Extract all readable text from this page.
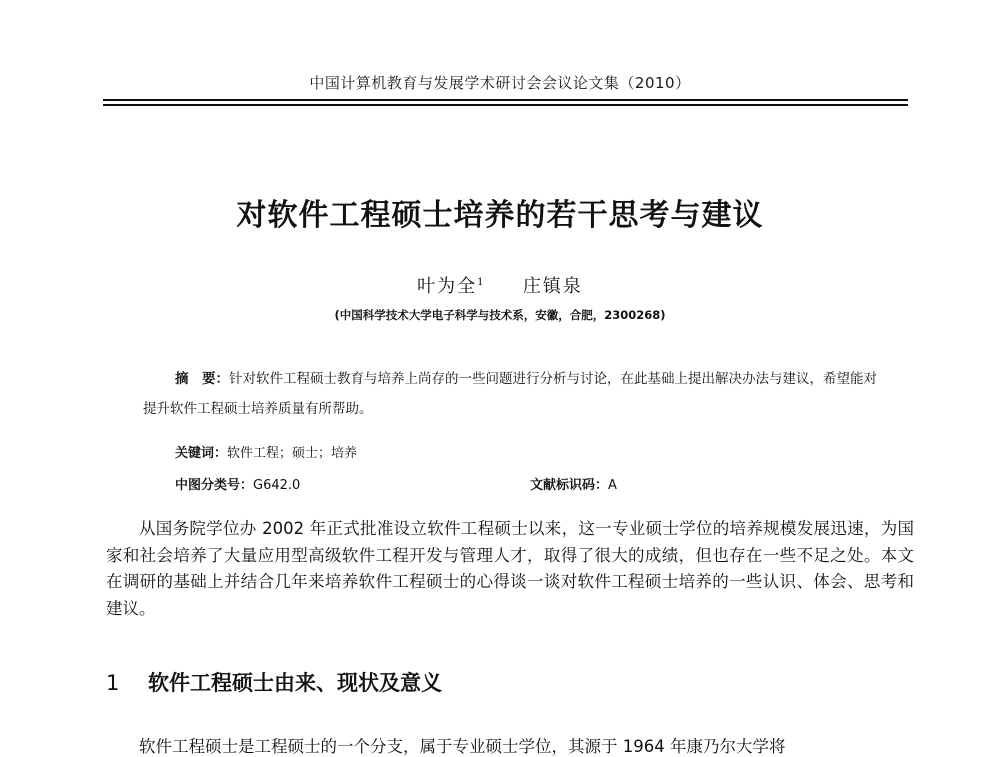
中国计算机教育与发展学术研讨会会议论文集（2010）
对软件工程硕士培养的若干思考与建议
叶为全$^1$ 庄镇泉
(中国科学技术大学电子科学与技术系，安徽，合肥，2300268)
摘　要：针对软件工程硕士教育与培养上尚存的一些问题进行分析与讨论，在此基础上提出解决办法与建议，希望能对提升软件工程硕士培养质量有所帮助。
关键词：软件工程；硕士；培养
中图分类号：G642.0	文献标识码：A
从国务院学位办 2002 年正式批准设立软件工程硕士以来，这一专业硕士学位的培养规模发展迅速，为国家和社会培养了大量应用型高级软件工程开发与管理人才，取得了很大的成绩，但也存在一些不足之处。本文在调研的基础上并结合几年来培养软件工程硕士的心得谈一谈对软件工程硕士培养的一些认识、体会、思考和建议。
1 软件工程硕士由来、现状及意义
软件工程硕士是工程硕士的一个分支，属于专业硕士学位，其源于 1964 年康乃尔大学将
